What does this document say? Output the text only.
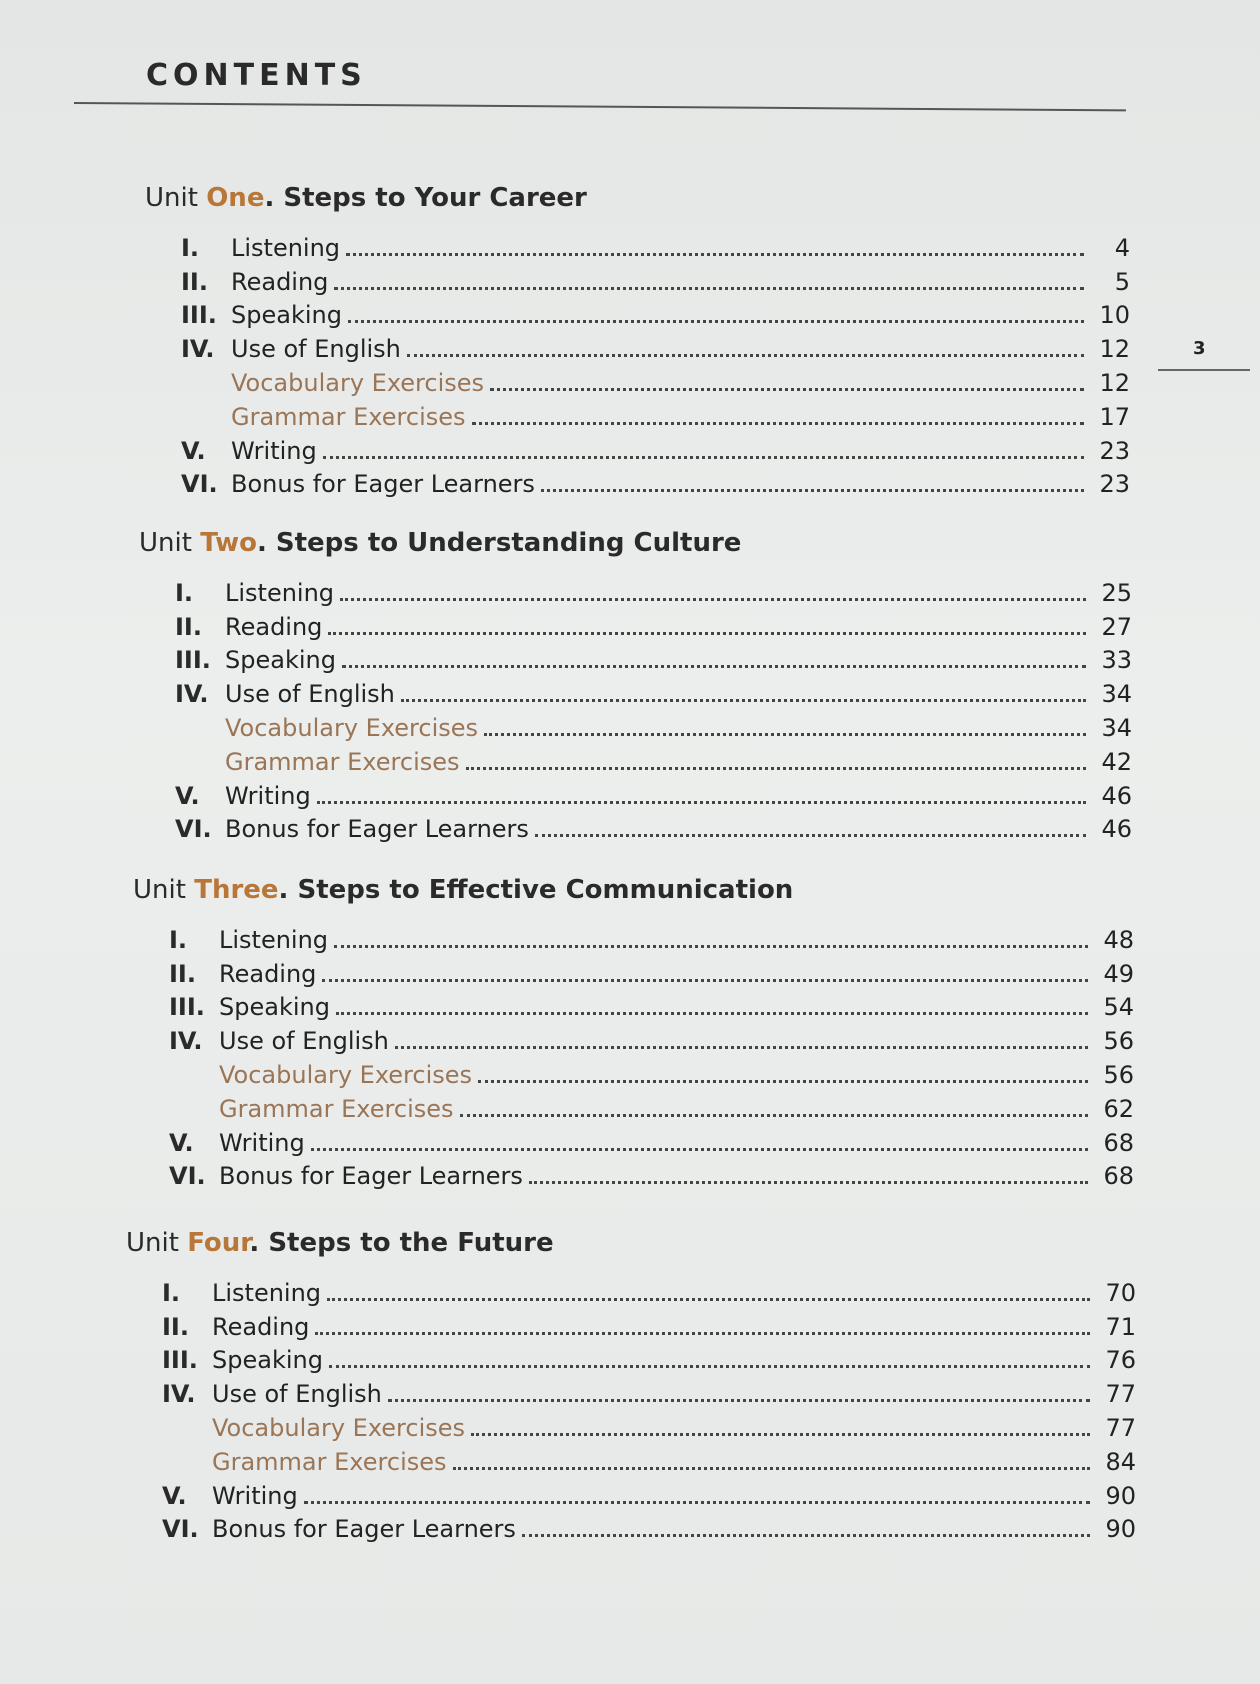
CONTENTS
3
Unit One. Steps to Your Career
I.	Listening	4
II. Reading	5
III. Speaking	10
IV. Use of English	12
Vocabulary Exercises	12
Grammar Exercises	17
V.	Writing	23
VI. Bonus for Eager Learners	23
Unit Two. Steps to Understanding Culture
I.	Listening	25
II. Reading	27
III. Speaking	33
IV. Use of English	34
Vocabulary Exercises	34
Grammar Exercises	42
V.	Writing	46
VI. Bonus for Eager Learners	46
Unit Three. Steps to Effective Communication
I.	Listening	48
II. Reading	49
III. Speaking	54
IV. Use of English	56
Vocabulary Exercises	56
Grammar Exercises	62
V.	Writing	68
VI. Bonus for Eager Learners	68
Unit Four. Steps to the Future
I.	Listening	70
II. Reading	71
III. Speaking	76
IV. Use of English	77
Vocabulary Exercises	77
Grammar Exercises	84
V.	Writing	90
VI. Bonus for Eager Learners	90
